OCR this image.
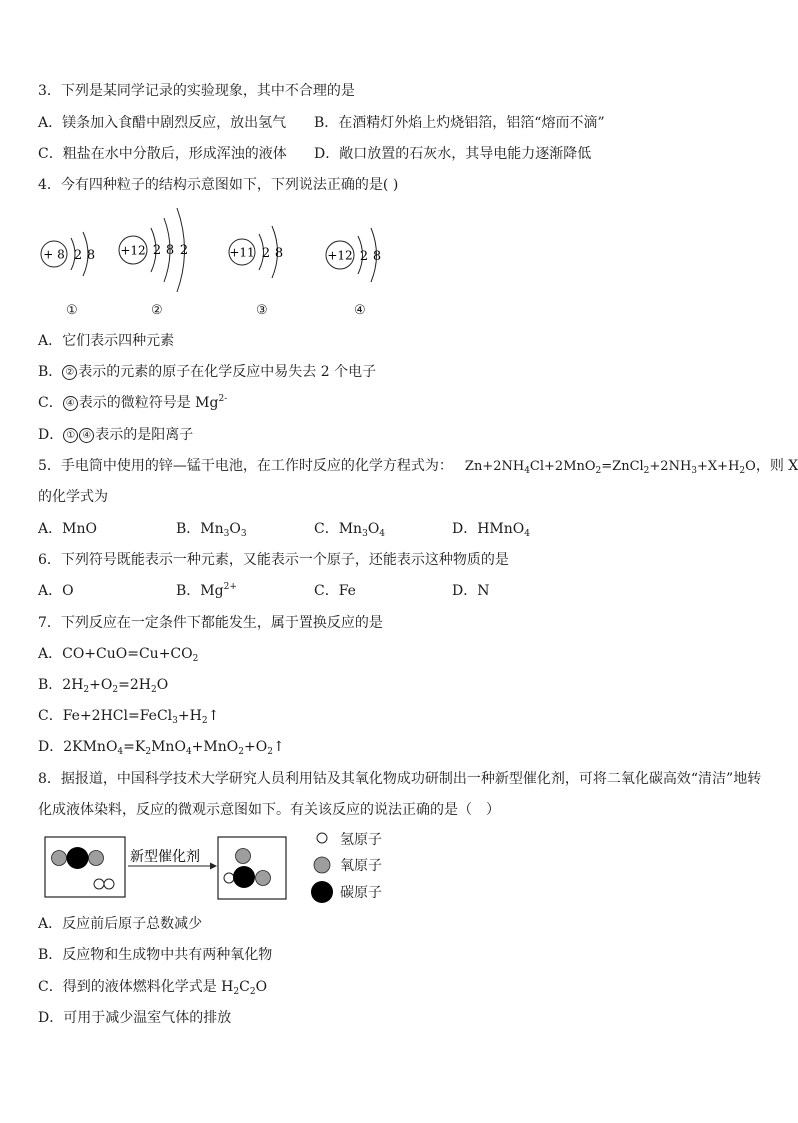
3．下列是某同学记录的实验现象，其中不合理的是
A．镁条加入食醋中剧烈反应，放出氢气 B．在酒精灯外焰上灼烧铝箔，铝箔“熔而不滴”
C．粗盐在水中分散后，形成浑浊的液体 D．敞口放置的石灰水，其导电能力逐渐降低
4．今有四种粒子的结构示意图如下，下列说法正确的是( )
+ 8 2 8 +12 2 8 2	+11 2 8	+12 2 8
①	②	③	④
A．它们表示四种元素
B． ② 表示的元素的原子在化学反应中易失去 2 个电子
C． ④ 表示的微粒符号是 $Mg^{2-}$
D． ① ④ 表示的是阳离子
5．手电筒中使用的锌—锰干电池，在工作时反应的化学方程式为： $Zn+2NH_4Cl+2MnO_2=ZnCl_2+2NH_3+X+H_2O$，则 X
的化学式为
A．MnO	B．$Mn_3O_3$	C．$Mn_3O_4$	D．HMnO$_4$
6．下列符号既能表示一种元素，又能表示一个原子，还能表示这种物质的是
A．O	B．$Mg^{2+}$	C．Fe	D．N
7．下列反应在一定条件下都能发生，属于置换反应的是
A．$CO+CuO=Cu+CO_2$
B．$2H_2+O_2=2H_2O$
C．$Fe+2HCl=FeCl_3+H_2↑$
D．$2KMnO_4=K_2MnO_4+MnO_2+O_2↑$
8．据报道，中国科学技术大学研究人员利用钴及其氧化物成功研制出一种新型催化剂，可将二氧化碳高效“清洁”地转
化成液体染料，反应的微观示意图如下。有关该反应的说法正确的是（　）
新型催化剂
氢原子
氧原子
碳原子
A．反应前后原子总数减少
B．反应物和生成物中共有两种氧化物
C．得到的液体燃料化学式是 $H_2C_2O$
D．可用于减少温室气体的排放
